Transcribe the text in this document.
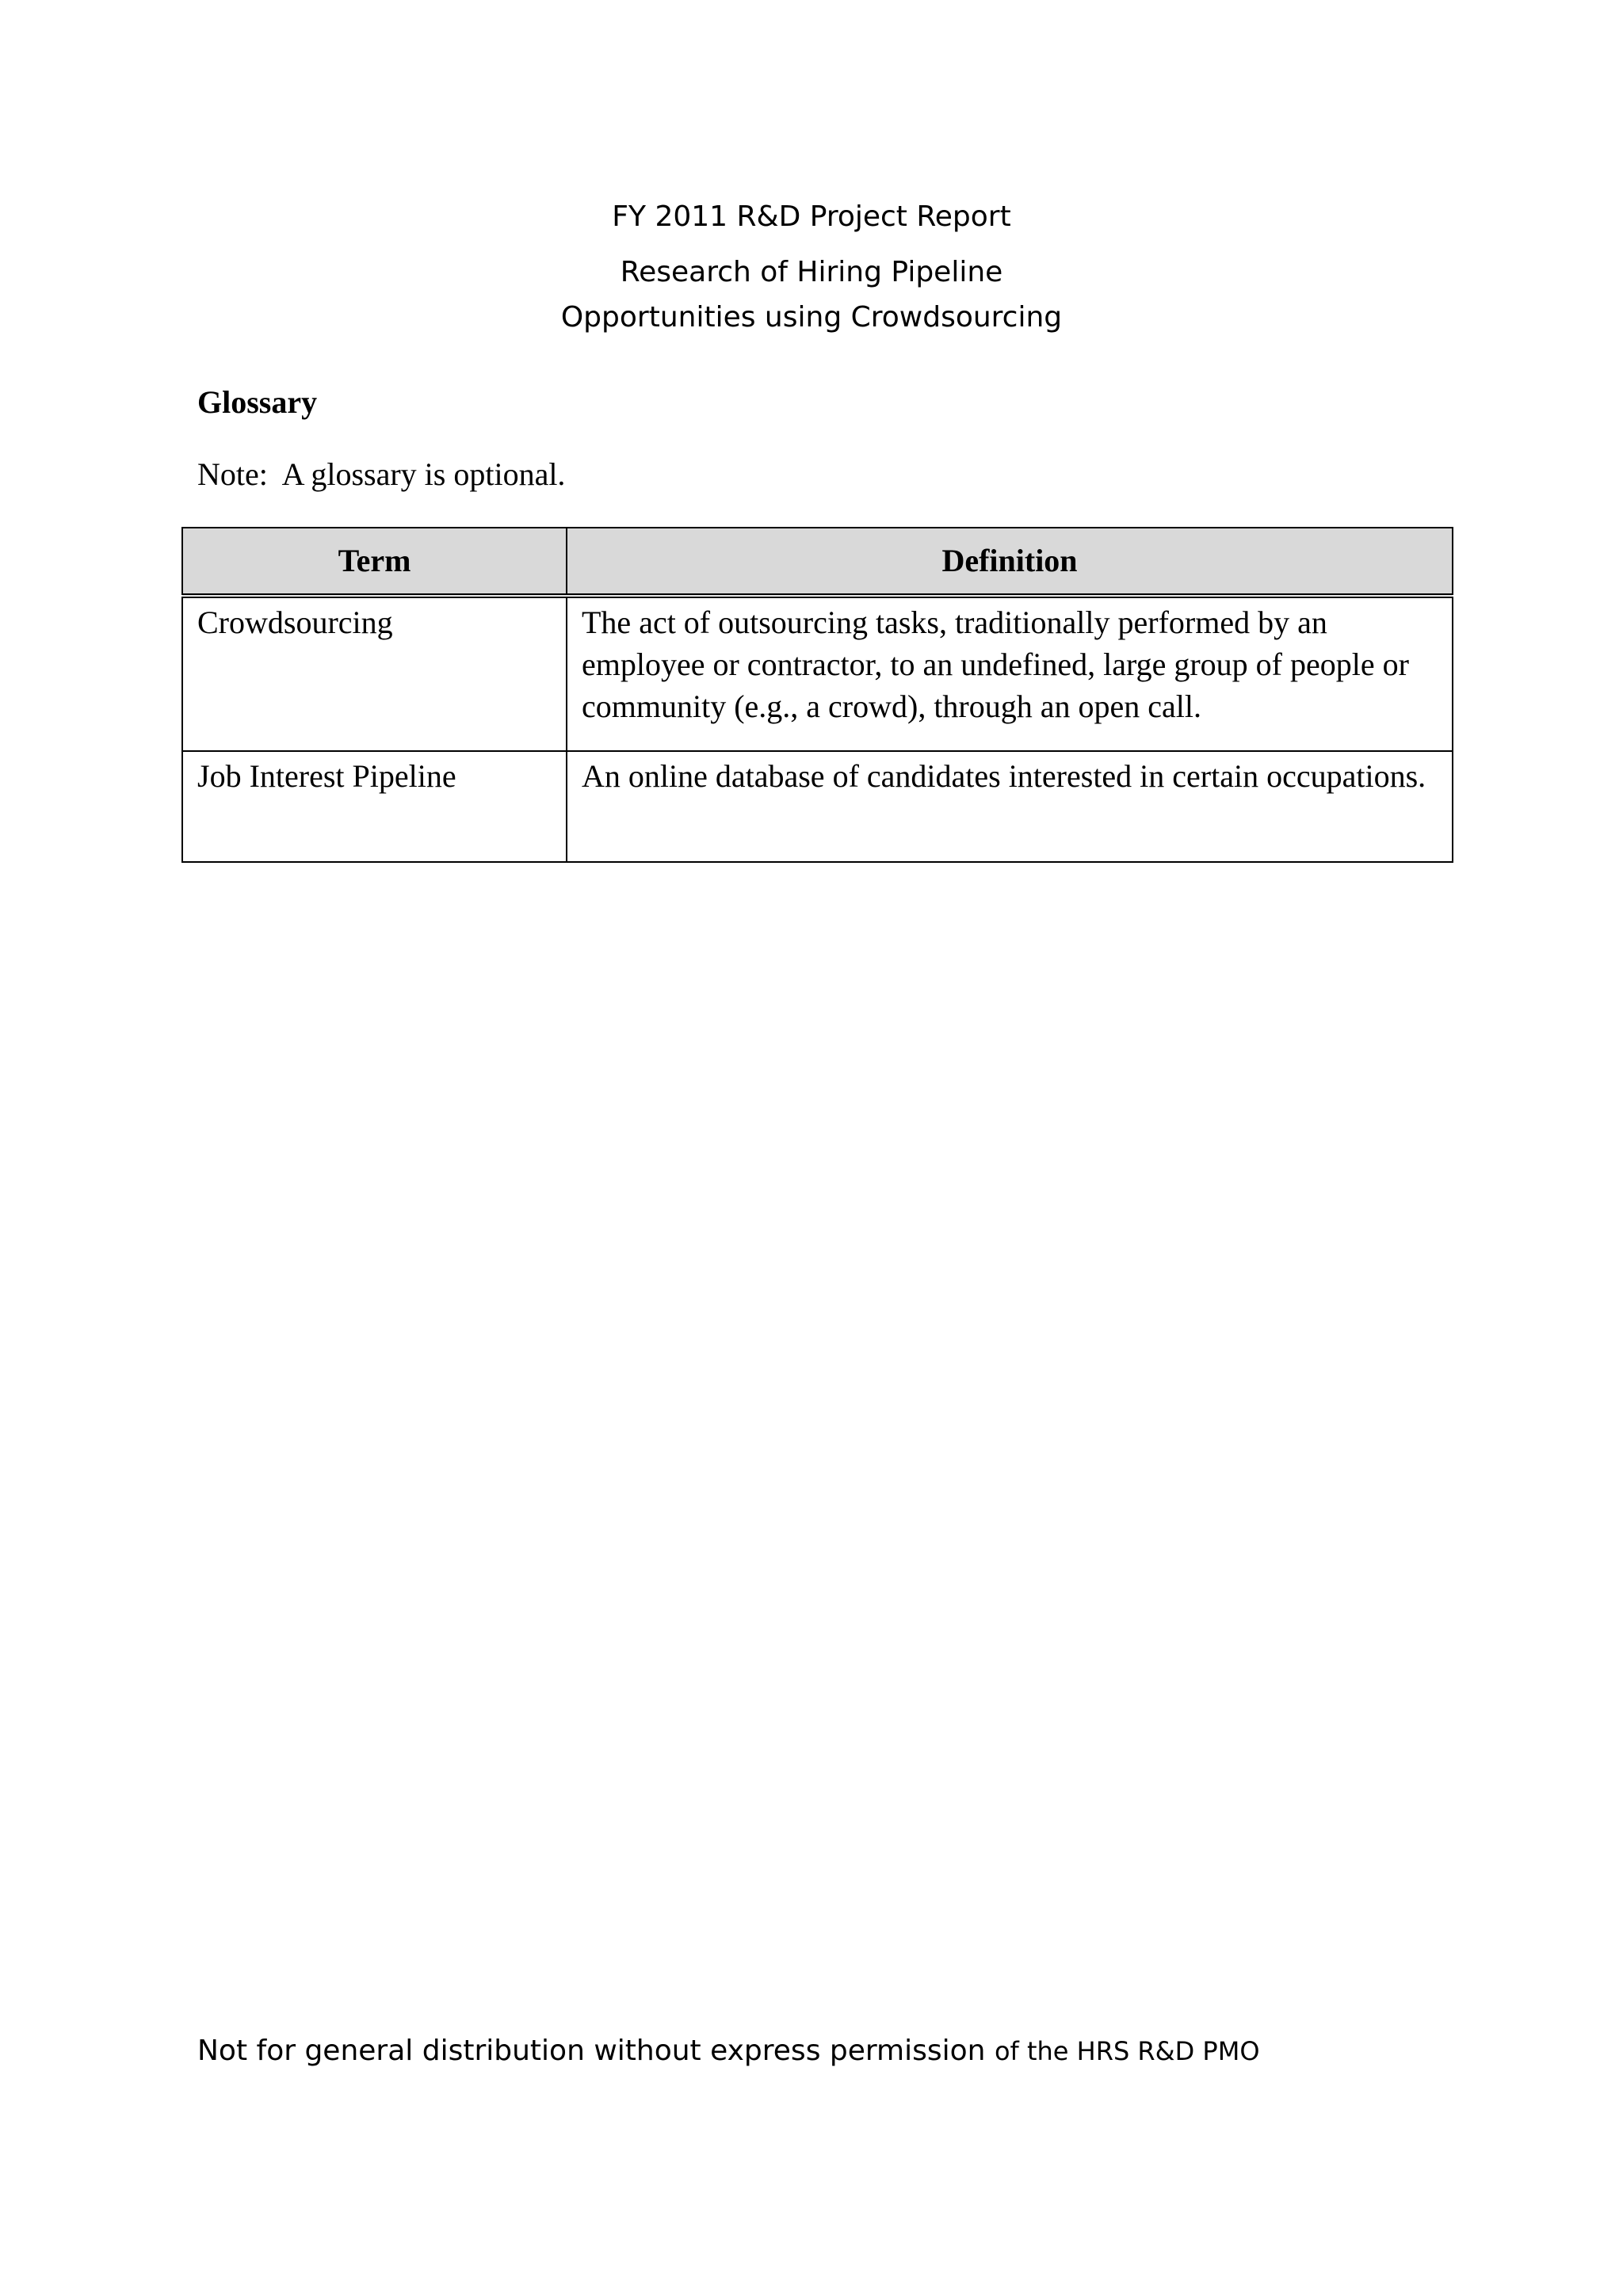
FY 2011 R&D Project Report
Research of Hiring Pipeline
Opportunities using Crowdsourcing
Glossary
Note:  A glossary is optional.
Term	Definition
Crowdsourcing	The act of outsourcing tasks, traditionally performed by an employee or contractor, to an undefined, large group of people or community (e.g., a crowd), through an open call.
Job Interest Pipeline	An online database of candidates interested in certain occupations.
Not for general distribution without express permission of the HRS R&D PMO
